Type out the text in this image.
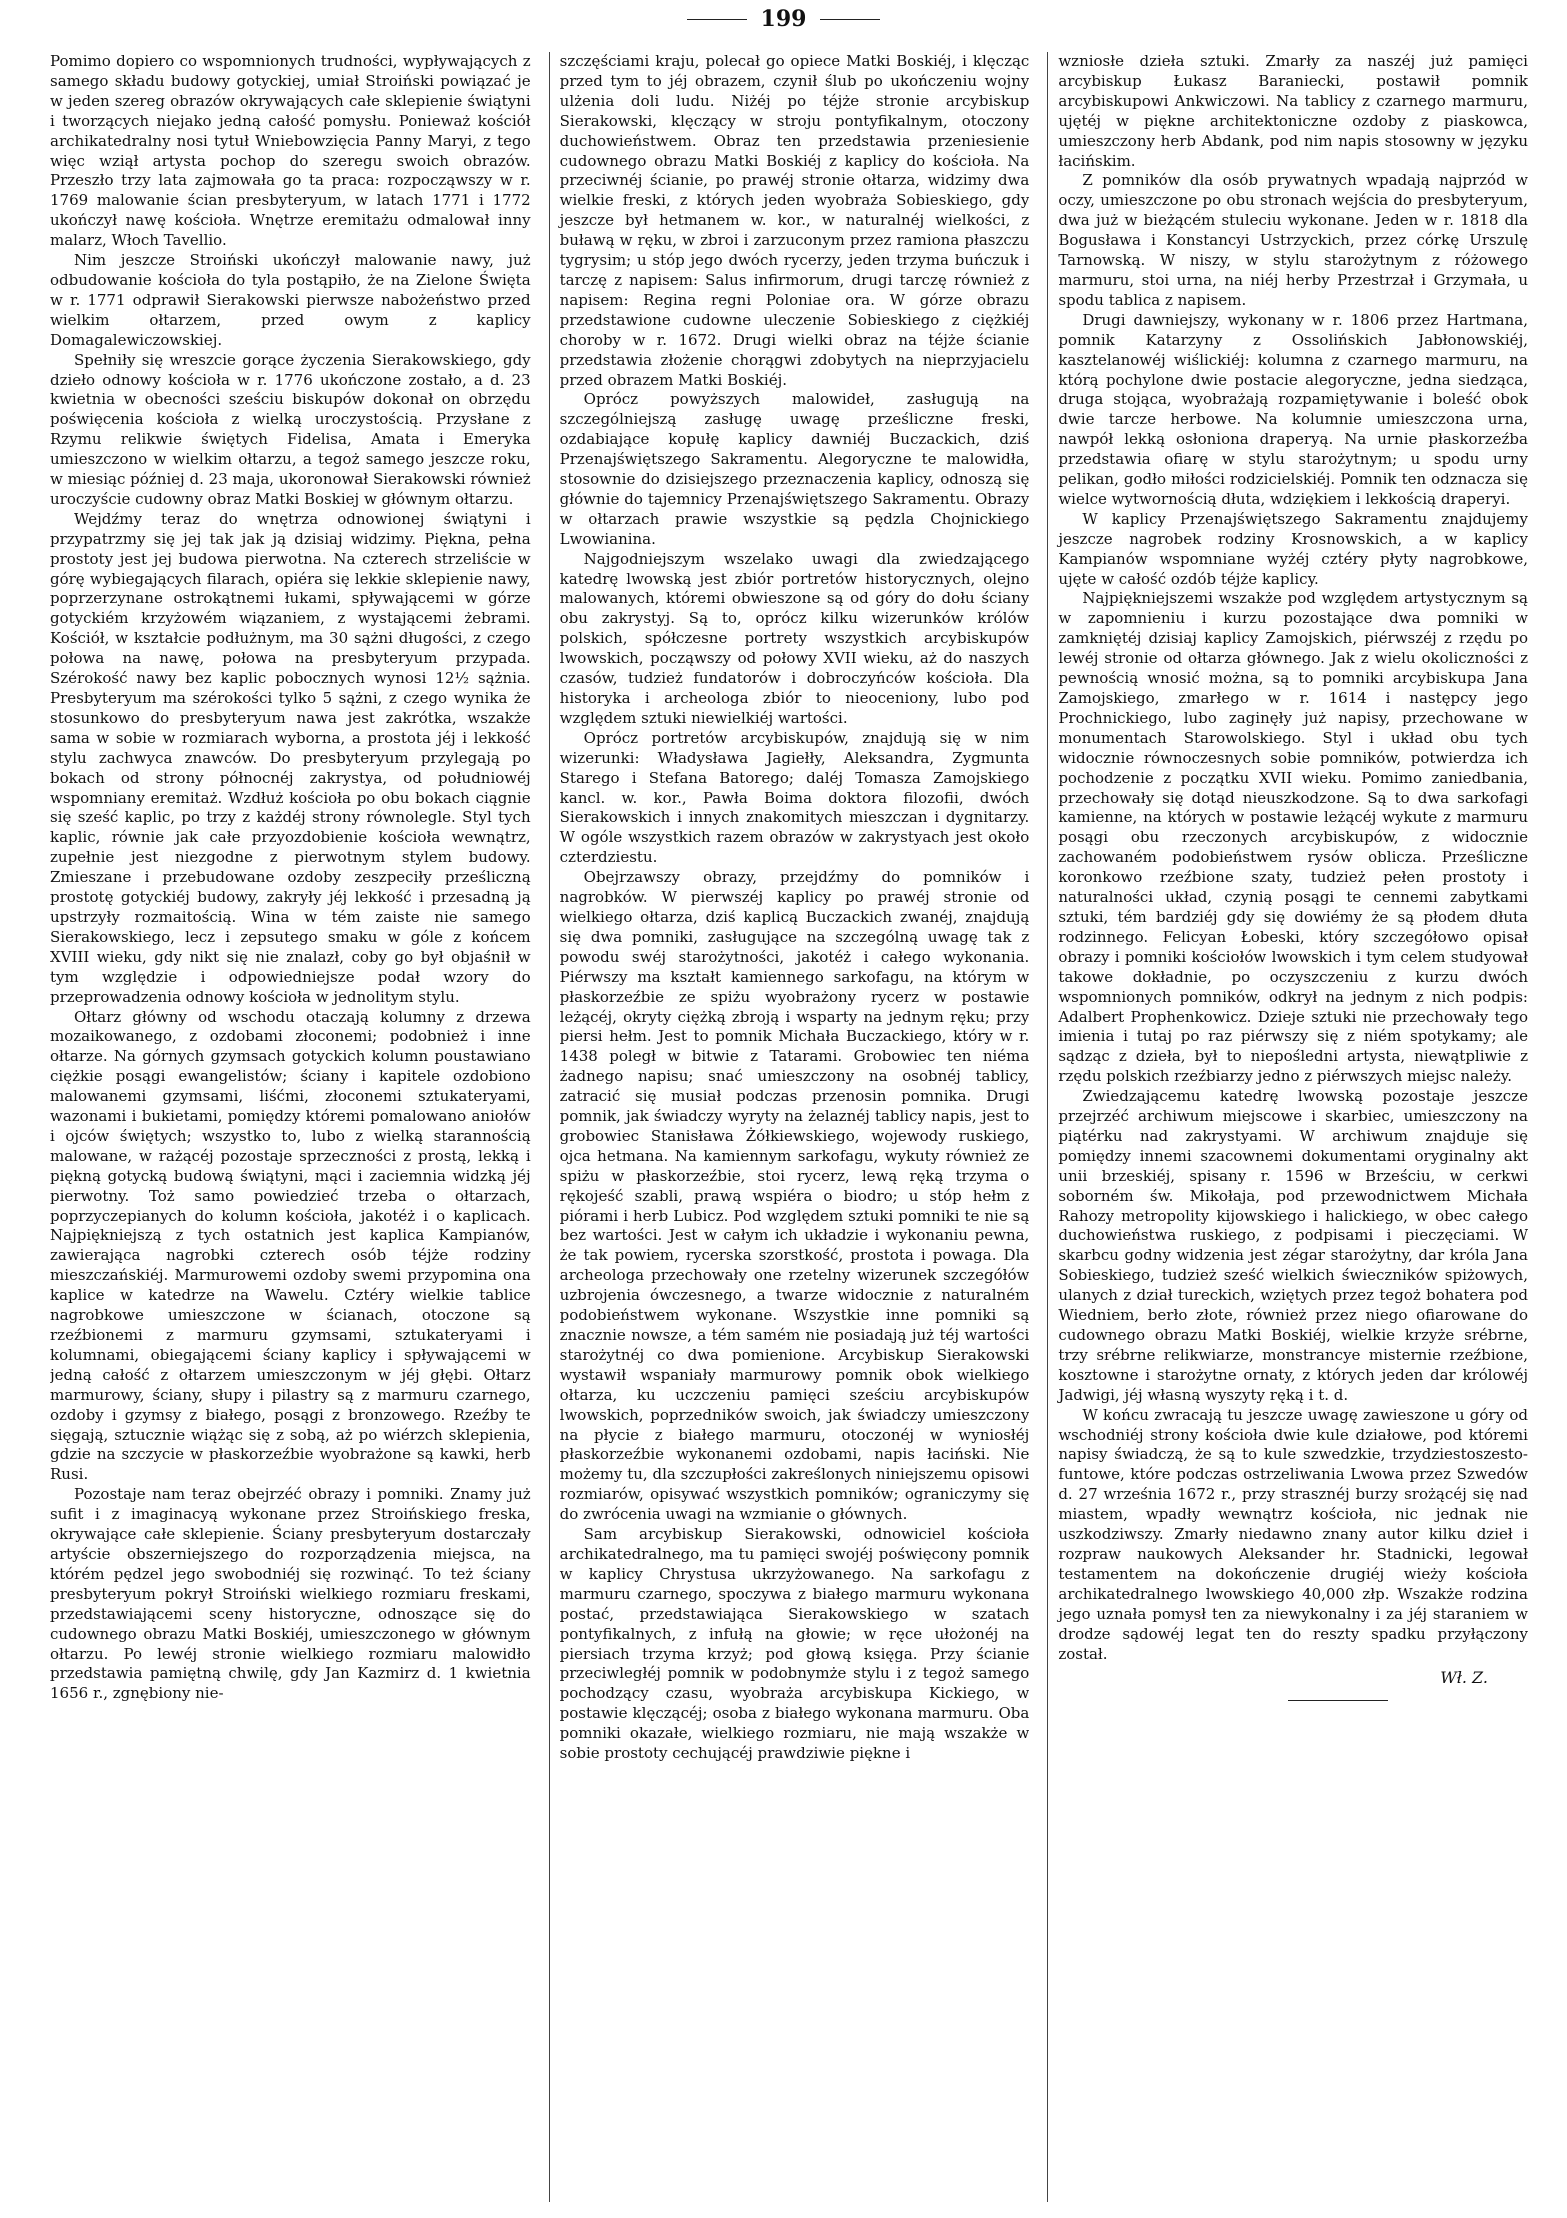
199

Pomimo dopiero co wspomnionych trudności, wypływających z samego składu budowy gotyckiej, umiał Stroiński powiązać je w jeden szereg obrazów okrywających całe sklepienie świątyni i tworzących niejako jedną całość pomysłu. Ponieważ kościół archikatedralny nosi tytuł Wniebowzięcia Panny Maryi, z tego więc wziął artysta pochop do szeregu swoich obrazów. Przeszło trzy lata zajmowała go ta praca: rozpocząwszy w r. 1769 malowanie ścian presbyteryum, w latach 1771 i 1772 ukończył nawę kościoła. Wnętrze eremitażu odmalował inny malarz, Włoch Tavellio.

Nim jeszcze Stroiński ukończył malowanie nawy, już odbudowanie kościoła do tyla postąpiło, że na Zielone Święta w r. 1771 odprawił Sierakowski pierwsze nabożeństwo przed wielkim ołtarzem, przed owym z kaplicy Domagalewiczowskiej.

Spełniły się wreszcie gorące życzenia Sierakowskiego, gdy dzieło odnowy kościoła w r. 1776 ukończone zostało, a d. 23 kwietnia w obecności sześciu biskupów dokonał on obrzędu poświęcenia kościoła z wielką uroczystością. Przysłane z Rzymu relikwie świętych Fidelisa, Amata i Emeryka umieszczono w wielkim ołtarzu, a tegoż samego jeszcze roku, w miesiąc później d. 23 maja, ukoronował Sierakowski również uroczyście cudowny obraz Matki Boskiej w głównym ołtarzu.

Wejdźmy teraz do wnętrza odnowionej świątyni i przypatrzmy się jej tak jak ją dzisiaj widzimy. Piękna, pełna prostoty jest jej budowa pierwotna. Na czterech strzeliście w górę wybiegających filarach, opiéra się lekkie sklepienie nawy, poprzerzynane ostrokątnemi łukami, spływającemi w górze gotyckiém krzyżowém wiązaniem, z wystającemi żebrami. Kościół, w kształcie podłużnym, ma 30 sążni długości, z czego połowa na nawę, połowa na presbyteryum przypada. Szérokość nawy bez kaplic pobocznych wynosi 12½ sążnia. Presbyteryum ma szérokości tylko 5 sążni, z czego wynika że stosunkowo do presbyteryum nawa jest zakrótka, wszakże sama w sobie w rozmiarach wyborna, a prostota jéj i lekkość stylu zachwyca znawców. Do presbyteryum przylegają po bokach od strony północnéj zakrystya, od południowéj wspomniany eremitaż. Wzdłuż kościoła po obu bokach ciągnie się sześć kaplic, po trzy z każdéj strony równolegle. Styl tych kaplic, równie jak całe przyozdobienie kościoła wewnątrz, zupełnie jest niezgodne z pierwotnym stylem budowy. Zmieszane i przebudowane ozdoby zeszpeciły prześliczną prostotę gotyckiéj budowy, zakryły jéj lekkość i przesadną ją upstrzyły rozmaitością. Wina w tém zaiste nie samego Sierakowskiego, lecz i zepsutego smaku w góle z końcem XVIII wieku, gdy nikt się nie znalazł, coby go był objaśnił w tym względzie i odpowiedniejsze podał wzory do przeprowadzenia odnowy kościoła w jednolitym stylu.

Ołtarz główny od wschodu otaczają kolumny z drzewa mozaikowanego, z ozdobami złoconemi; podobnież i inne ołtarze. Na górnych gzymsach gotyckich kolumn poustawiano ciężkie posągi ewangelistów; ściany i kapitele ozdobiono malowanemi gzymsami, liśćmi, złoconemi sztukateryami, wazonami i bukietami, pomiędzy któremi pomalowano aniołów i ojców świętych; wszystko to, lubo z wielką starannością malowane, w rażącéj pozostaje sprzeczności z prostą, lekką i piękną gotycką budową świątyni, mąci i zaciemnia widzką jéj pierwotny. Toż samo powiedzieć trzeba o ołtarzach, poprzyczepianych do kolumn kościoła, jakotéż i o kaplicach. Najpiękniejszą z tych ostatnich jest kaplica Kampianów, zawierająca nagrobki czterech osób téjże rodziny mieszczańskiéj. Marmurowemi ozdoby swemi przypomina ona kaplice w katedrze na Wawelu. Cztéry wielkie tablice nagrobkowe umieszczone w ścianach, otoczone są rzeźbionemi z marmuru gzymsami, sztukateryami i kolumnami, obiegającemi ściany kaplicy i spływającemi w jedną całość z ołtarzem umieszczonym w jéj głębi. Ołtarz marmurowy, ściany, słupy i pilastry są z marmuru czarnego, ozdoby i gzymsy z białego, posągi z bronzowego. Rzeźby te sięgają, sztucznie wiążąc się z sobą, aż po wiérzch sklepienia, gdzie na szczycie w płaskorzeźbie wyobrażone są kawki, herb Rusi.

Pozostaje nam teraz obejrzéć obrazy i pomniki. Znamy już sufit i z imaginacyą wykonane przez Stroińskiego freska, okrywające całe sklepienie. Ściany presbyteryum dostarczały artyście obszerniejszego do rozporządzenia miejsca, na którém pędzel jego swobodniéj się rozwinąć. To też ściany presbyteryum pokrył Stroiński wielkiego rozmiaru freskami, przedstawiającemi sceny historyczne, odnoszące się do cudownego obrazu Matki Boskiéj, umieszczonego w głównym ołtarzu. Po lewéj stronie wielkiego rozmiaru malowidło przedstawia pamiętną chwilę, gdy Jan Kazmirz d. 1 kwietnia 1656 r., zgnębiony nie-

szczęściami kraju, polecał go opiece Matki Boskiéj, i klęcząc przed tym to jéj obrazem, czynił ślub po ukończeniu wojny ulżenia doli ludu. Niżéj po téjże stronie arcybiskup Sierakowski, klęczący w stroju pontyfikalnym, otoczony duchowieństwem. Obraz ten przedstawia przeniesienie cudownego obrazu Matki Boskiéj z kaplicy do kościoła. Na przeciwnéj ścianie, po prawéj stronie ołtarza, widzimy dwa wielkie freski, z których jeden wyobraża Sobieskiego, gdy jeszcze był hetmanem w. kor., w naturalnéj wielkości, z buławą w ręku, w zbroi i zarzuconym przez ramiona płaszczu tygrysim; u stóp jego dwóch rycerzy, jeden trzyma buńczuk i tarczę z napisem: Salus infirmorum, drugi tarczę również z napisem: Regina regni Poloniae ora. W górze obrazu przedstawione cudowne uleczenie Sobieskiego z ciężkiéj choroby w r. 1672. Drugi wielki obraz na téjże ścianie przedstawia złożenie chorągwi zdobytych na nieprzyjacielu przed obrazem Matki Boskiéj.

Oprócz powyższych malowideł, zasługują na szczególniejszą zasługę uwagę prześliczne freski, ozdabiające kopułę kaplicy dawniéj Buczackich, dziś Przenajświętszego Sakramentu. Alegoryczne te malowidła, stosownie do dzisiejszego przeznaczenia kaplicy, odnoszą się głównie do tajemnicy Przenajświętszego Sakramentu. Obrazy w ołtarzach prawie wszystkie są pędzla Chojnickiego Lwowianina.

Najgodniejszym wszelako uwagi dla zwiedzającego katedrę lwowską jest zbiór portretów historycznych, olejno malowanych, któremi obwieszone są od góry do dołu ściany obu zakrystyj. Są to, oprócz kilku wizerunków królów polskich, spółczesne portrety wszystkich arcybiskupów lwowskich, począwszy od połowy XVII wieku, aż do naszych czasów, tudzież fundatorów i dobroczyńców kościoła. Dla historyka i archeologa zbiór to nieoceniony, lubo pod względem sztuki niewielkiéj wartości.

Oprócz portretów arcybiskupów, znajdują się w nim wizerunki: Władysława Jagiełły, Aleksandra, Zygmunta Starego i Stefana Batorego; daléj Tomasza Zamojskiego kancl. w. kor., Pawła Boima doktora filozofii, dwóch Sierakowskich i innych znakomitych mieszczan i dygnitarzy. W ogóle wszystkich razem obrazów w zakrystyach jest około czterdziestu.

Obejrzawszy obrazy, przejdźmy do pomników i nagrobków. W pierwszéj kaplicy po prawéj stronie od wielkiego ołtarza, dziś kaplicą Buczackich zwanéj, znajdują się dwa pomniki, zasługujące na szczególną uwagę tak z powodu swéj starożytności, jakotéż i całego wykonania. Piérwszy ma kształt kamiennego sarkofagu, na którym w płaskorzeźbie ze spiżu wyobrażony rycerz w postawie leżącéj, okryty ciężką zbroją i wsparty na jednym ręku; przy piersi hełm. Jest to pomnik Michała Buczackiego, który w r. 1438 poległ w bitwie z Tatarami. Grobowiec ten niéma żadnego napisu; snać umieszczony na osobnéj tablicy, zatracić się musiał podczas przenosin pomnika. Drugi pomnik, jak świadczy wyryty na żelaznéj tablicy napis, jest to grobowiec Stanisława Żółkiewskiego, wojewody ruskiego, ojca hetmana. Na kamiennym sarkofagu, wykuty również ze spiżu w płaskorzeźbie, stoi rycerz, lewą ręką trzyma o rękojeść szabli, prawą wspiéra o biodro; u stóp hełm z piórami i herb Lubicz. Pod względem sztuki pomniki te nie są bez wartości. Jest w całym ich układzie i wykonaniu pewna, że tak powiem, rycerska szorstkość, prostota i powaga. Dla archeologa przechowały one rzetelny wizerunek szczegółów uzbrojenia ówczesnego, a twarze widocznie z naturalném podobieństwem wykonane. Wszystkie inne pomniki są znacznie nowsze, a tém samém nie posiadają już téj wartości starożytnéj co dwa pomienione. Arcybiskup Sierakowski wystawił wspaniały marmurowy pomnik obok wielkiego ołtarza, ku uczczeniu pamięci sześciu arcybiskupów lwowskich, poprzedników swoich, jak świadczy umieszczony na płycie z białego marmuru, otoczonéj w wyniosłéj płaskorzeźbie wykonanemi ozdobami, napis łaciński. Nie możemy tu, dla szczupłości zakreślonych niniejszemu opisowi rozmiarów, opisywać wszystkich pomników; ograniczymy się do zwrócenia uwagi na wzmianie o głównych.

Sam arcybiskup Sierakowski, odnowiciel kościoła archikatedralnego, ma tu pamięci swojéj poświęcony pomnik w kaplicy Chrystusa ukrzyżowanego. Na sarkofagu z marmuru czarnego, spoczywa z białego marmuru wykonana postać, przedstawiająca Sierakowskiego w szatach pontyfikalnych, z infułą na głowie; w ręce ułożonéj na piersiach trzyma krzyż; pod głową księga. Przy ścianie przeciwległéj pomnik w podobnymże stylu i z tegoż samego pochodzący czasu, wyobraża arcybiskupa Kickiego, w postawie klęczącéj; osoba z białego wykonana marmuru. Oba pomniki okazałe, wielkiego rozmiaru, nie mają wszakże w sobie prostoty cechującéj prawdziwie piękne i

wzniosłe dzieła sztuki. Zmarły za naszéj już pamięci arcybiskup Łukasz Baraniecki, postawił pomnik arcybiskupowi Ankwiczowi. Na tablicy z czarnego marmuru, ujętéj w piękne architektoniczne ozdoby z piaskowca, umieszczony herb Abdank, pod nim napis stosowny w języku łacińskim.

Z pomników dla osób prywatnych wpadają najprzód w oczy, umieszczone po obu stronach wejścia do presbyteryum, dwa już w bieżącém stuleciu wykonane. Jeden w r. 1818 dla Bogusława i Konstancyi Ustrzyckich, przez córkę Urszulę Tarnowską. W niszy, w stylu starożytnym z różowego marmuru, stoi urna, na niéj herby Przestrzał i Grzymała, u spodu tablica z napisem.

Drugi dawniejszy, wykonany w r. 1806 przez Hartmana, pomnik Katarzyny z Ossolińskich Jabłonowskiéj, kasztelanowéj wiślickiéj: kolumna z czarnego marmuru, na którą pochylone dwie postacie alegoryczne, jedna siedząca, druga stojąca, wyobrażają rozpamiętywanie i boleść obok dwie tarcze herbowe. Na kolumnie umieszczona urna, nawpół lekką osłoniona draperyą. Na urnie płaskorzeźba przedstawia ofiarę w stylu starożytnym; u spodu urny pelikan, godło miłości rodzicielskiéj. Pomnik ten odznacza się wielce wytwornością dłuta, wdziękiem i lekkością draperyi.

W kaplicy Przenajświętszego Sakramentu znajdujemy jeszcze nagrobek rodziny Krosnowskich, a w kaplicy Kampianów wspomniane wyżéj cztéry płyty nagrobkowe, ujęte w całość ozdób téjże kaplicy.

Najpiękniejszemi wszakże pod względem artystycznym są w zapomnieniu i kurzu pozostające dwa pomniki w zamkniętéj dzisiaj kaplicy Zamojskich, piérwszéj z rzędu po lewéj stronie od ołtarza głównego. Jak z wielu okoliczności z pewnością wnosić można, są to pomniki arcybiskupa Jana Zamojskiego, zmarłego w r. 1614 i następcy jego Prochnickiego, lubo zaginęły już napisy, przechowane w monumentach Starowolskiego. Styl i układ obu tych widocznie równoczesnych sobie pomników, potwierdza ich pochodzenie z początku XVII wieku. Pomimo zaniedbania, przechowały się dotąd nieuszkodzone. Są to dwa sarkofagi kamienne, na których w postawie leżącéj wykute z marmuru posągi obu rzeczonych arcybiskupów, z widocznie zachowaném podobieństwem rysów oblicza. Prześliczne koronkowo rzeźbione szaty, tudzież pełen prostoty i naturalności układ, czynią posągi te cennemi zabytkami sztuki, tém bardziéj gdy się dowiémy że są płodem dłuta rodzinnego. Felicyan Łobeski, który szczegółowo opisał obrazy i pomniki kościołów lwowskich i tym celem studyował takowe dokładnie, po oczyszczeniu z kurzu dwóch wspomnionych pomników, odkrył na jednym z nich podpis: Adalbert Prophenkowicz. Dzieje sztuki nie przechowały tego imienia i tutaj po raz piérwszy się z niém spotykamy; ale sądząc z dzieła, był to niepośledni artysta, niewątpliwie z rzędu polskich rzeźbiarzy jedno z piérwszych miejsc należy.

Zwiedzającemu katedrę lwowską pozostaje jeszcze przejrzéć archiwum miejscowe i skarbiec, umieszczony na piątérku nad zakrystyami. W archiwum znajduje się pomiędzy innemi szacownemi dokumentami oryginalny akt unii brzeskiéj, spisany r. 1596 w Brześciu, w cerkwi soborném św. Mikołaja, pod przewodnictwem Michała Rahozy metropolity kijowskiego i halickiego, w obec całego duchowieństwa ruskiego, z podpisami i pieczęciami. W skarbcu godny widzenia jest zégar starożytny, dar króla Jana Sobieskiego, tudzież sześć wielkich świeczników spiżowych, ulanych z dział tureckich, wziętych przez tegoż bohatera pod Wiedniem, berło złote, również przez niego ofiarowane do cudownego obrazu Matki Boskiéj, wielkie krzyże srébrne, trzy srébrne relikwiarze, monstrancye misternie rzeźbione, kosztowne i starożytne ornaty, z których jeden dar królowéj Jadwigi, jéj własną wyszyty ręką i t. d.

W końcu zwracają tu jeszcze uwagę zawieszone u góry od wschodniéj strony kościoła dwie kule działowe, pod któremi napisy świadczą, że są to kule szwedzkie, trzydziestoszesto-funtowe, które podczas ostrzeliwania Lwowa przez Szwedów d. 27 września 1672 r., przy strasznéj burzy srożącéj się nad miastem, wpadły wewnątrz kościoła, nic jednak nie uszkodziwszy. Zmarły niedawno znany autor kilku dzieł i rozpraw naukowych Aleksander hr. Stadnicki, legował testamentem na dokończenie drugiéj wieży kościoła archikatedralnego lwowskiego 40,000 złp. Wszakże rodzina jego uznała pomysł ten za niewykonalny i za jéj staraniem w drodze sądowéj legat ten do reszty spadku przyłączony został.

Wł. Z.
